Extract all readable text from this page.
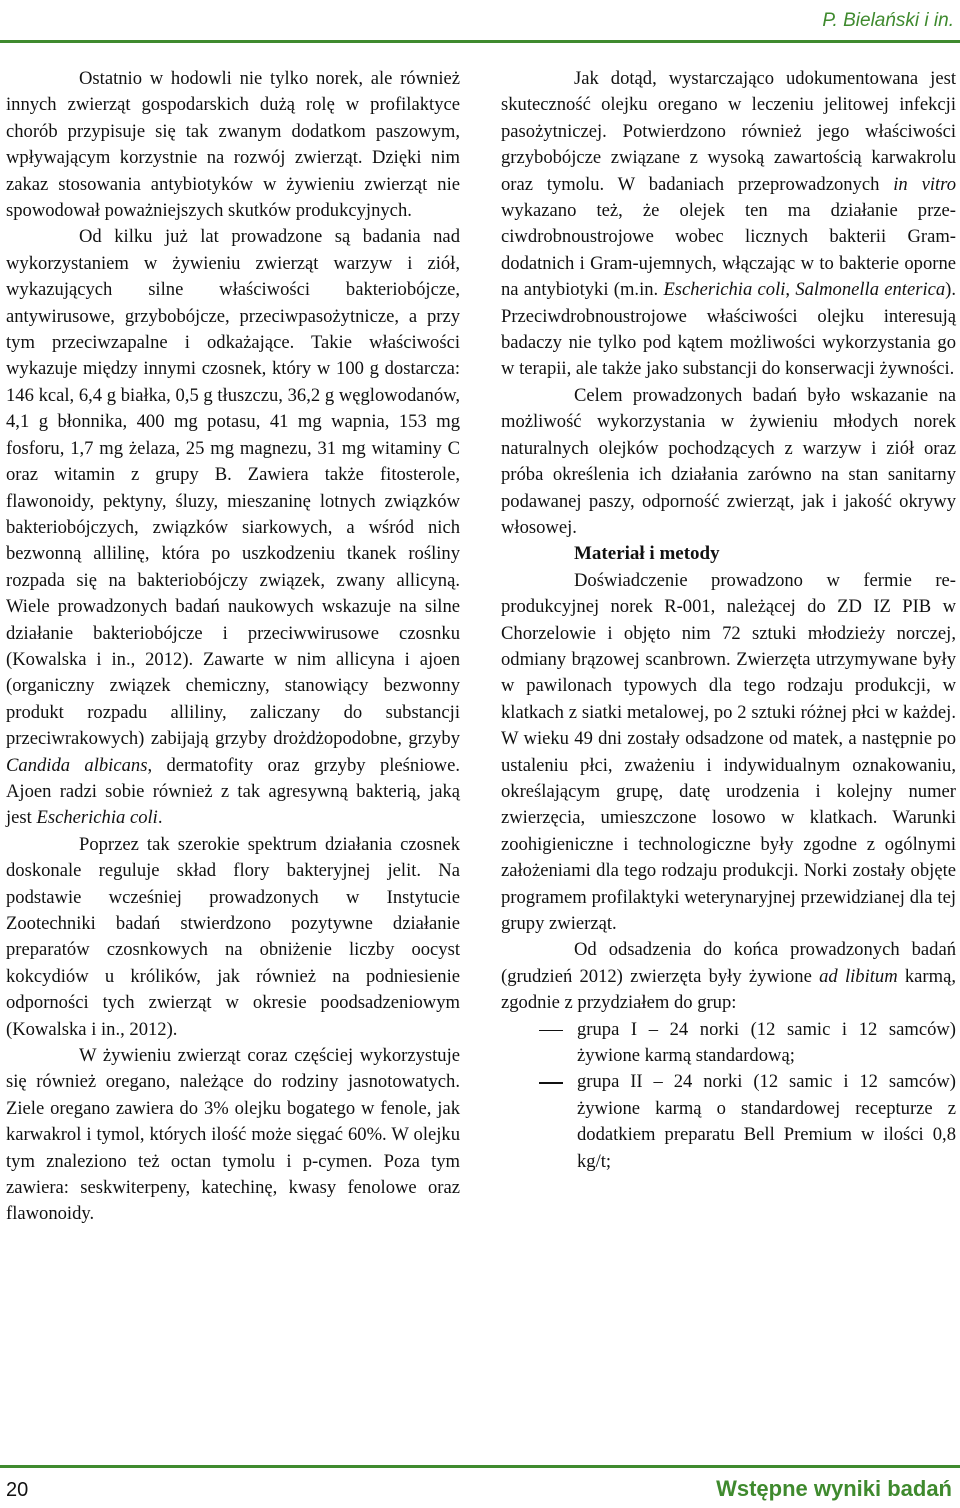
P. Bielański i in.

Ostatnio w hodowli nie tylko norek, ale również innych zwierząt gospodarskich dużą rolę w profilaktyce chorób przypisuje się tak zwanym dodatkom paszowym, wpływającym korzystnie na rozwój zwierząt. Dzięki nim zakaz stosowania antybiotyków w żywieniu zwierząt nie spowodował poważniejszych skutków produkcyjnych.

Od kilku już lat prowadzone są badania nad wykorzystaniem w żywieniu zwierząt warzyw i ziół, wykazujących silne właściwości bakteriobójcze, antywirusowe, grzybobójcze, przeciwpasożytnicze, a przy tym przeciwzapalne i odkażające. Takie właściwości wykazuje między innymi czosnek, który w 100 g dostarcza: 146 kcal, 6,4 g białka, 0,5 g tłuszczu, 36,2 g węglowodanów, 4,1 g błonnika, 400 mg potasu, 41 mg wapnia, 153 mg fosforu, 1,7 mg żelaza, 25 mg magnezu, 31 mg witaminy C oraz witamin z grupy B. Zawiera także fitosterole, flawonoidy, pektyny, śluzy, mieszaninę lotnych związków bakteriobójczych, związków siarkowych, a wśród nich bezwonną allilinę, która po uszkodzeniu tkanek rośliny rozpada się na bakteriobójczy związek, zwany allicyną. Wiele prowadzonych badań naukowych wskazuje na silne działanie bakteriobójcze i przeciwwirusowe czosnku (Kowalska i in., 2012). Zawarte w nim allicyna i ajoen (organiczny związek chemiczny, stanowiący bezwonny produkt rozpadu alliliny, zaliczany do substancji przeciwrakowych) zabijają grzyby drożdżopodobne, grzyby Candida albicans, dermatofity oraz grzyby pleśniowe. Ajoen radzi sobie również z tak agresywną bakterią, jaką jest Escherichia coli.

Poprzez tak szerokie spektrum działania czosnek doskonale reguluje skład flory bakteryjnej jelit. Na podstawie wcześniej prowadzonych w Instytucie Zootechniki badań stwierdzono pozytywne działanie preparatów czosnkowych na obniżenie liczby oocyst kokcydiów u królików, jak również na podniesienie odporności tych zwierząt w okresie poodsadzeniowym (Kowalska i in., 2012).

W żywieniu zwierząt coraz częściej wykorzystuje się również oregano, należące do rodziny jasnotowatych. Ziele oregano zawiera do 3% olejku bogatego w fenole, jak karwakrol i tymol, których ilość może sięgać 60%. W olejku tym znaleziono też octan tymolu i p-cymen. Poza tym zawiera: seskwiterpeny, katechinę, kwasy fenolowe oraz flawonoidy.

Jak dotąd, wystarczająco udokumentowana jest skuteczność olejku oregano w leczeniu jelitowej infekcji pasożytniczej. Potwierdzono również jego właściwości grzybobójcze związane z wysoką zawartością karwakrolu oraz tymolu. W badaniach przeprowadzonych in vitro wykazano też, że olejek ten ma działanie przeciwdrobnoustrojowe wobec licznych bakterii Gram-dodatnich i Gram-ujemnych, włączając w to bakterie oporne na antybiotyki (m.in. Escherichia coli, Salmonella enterica). Przeciwdrobnoustrojowe właściwości olejku interesują badaczy nie tylko pod kątem możliwości wykorzystania go w terapii, ale także jako substancji do konserwacji żywności.

Celem prowadzonych badań było wskazanie na możliwość wykorzystania w żywieniu młodych norek naturalnych olejków pochodzących z warzyw i ziół oraz próba określenia ich działania zarówno na stan sanitarny podawanej paszy, odporność zwierząt, jak i jakość okrywy włosowej.

Materiał i metody

Doświadczenie prowadzono w fermie reprodukcyjnej norek R-001, należącej do ZD IZ PIB w Chorzelowie i objęto nim 72 sztuki młodzieży norczej, odmiany brązowej scanbrown. Zwierzęta utrzymywane były w pawilonach typowych dla tego rodzaju produkcji, w klatkach z siatki metalowej, po 2 sztuki różnej płci w każdej. W wieku 49 dni zostały odsadzone od matek, a następnie po ustaleniu płci, zważeniu i indywidualnym oznakowaniu, określającym grupę, datę urodzenia i kolejny numer zwierzęcia, umieszczone losowo w klatkach. Warunki zoohigieniczne i technologiczne były zgodne z ogólnymi założeniami dla tego rodzaju produkcji. Norki zostały objęte programem profilaktyki weterynaryjnej przewidzianej dla tej grupy zwierząt.

Od odsadzenia do końca prowadzonych badań (grudzień 2012) zwierzęta były żywione ad libitum karmą, zgodnie z przydziałem do grup:

grupa I – 24 norki (12 samic i 12 samców) żywione karmą standardową;
grupa II – 24 norki (12 samic i 12 samców) żywione karmą o standardowej recepturze z dodatkiem preparatu Bell Premium w ilości 0,8 kg/t;
20	Wstępne wyniki badań
